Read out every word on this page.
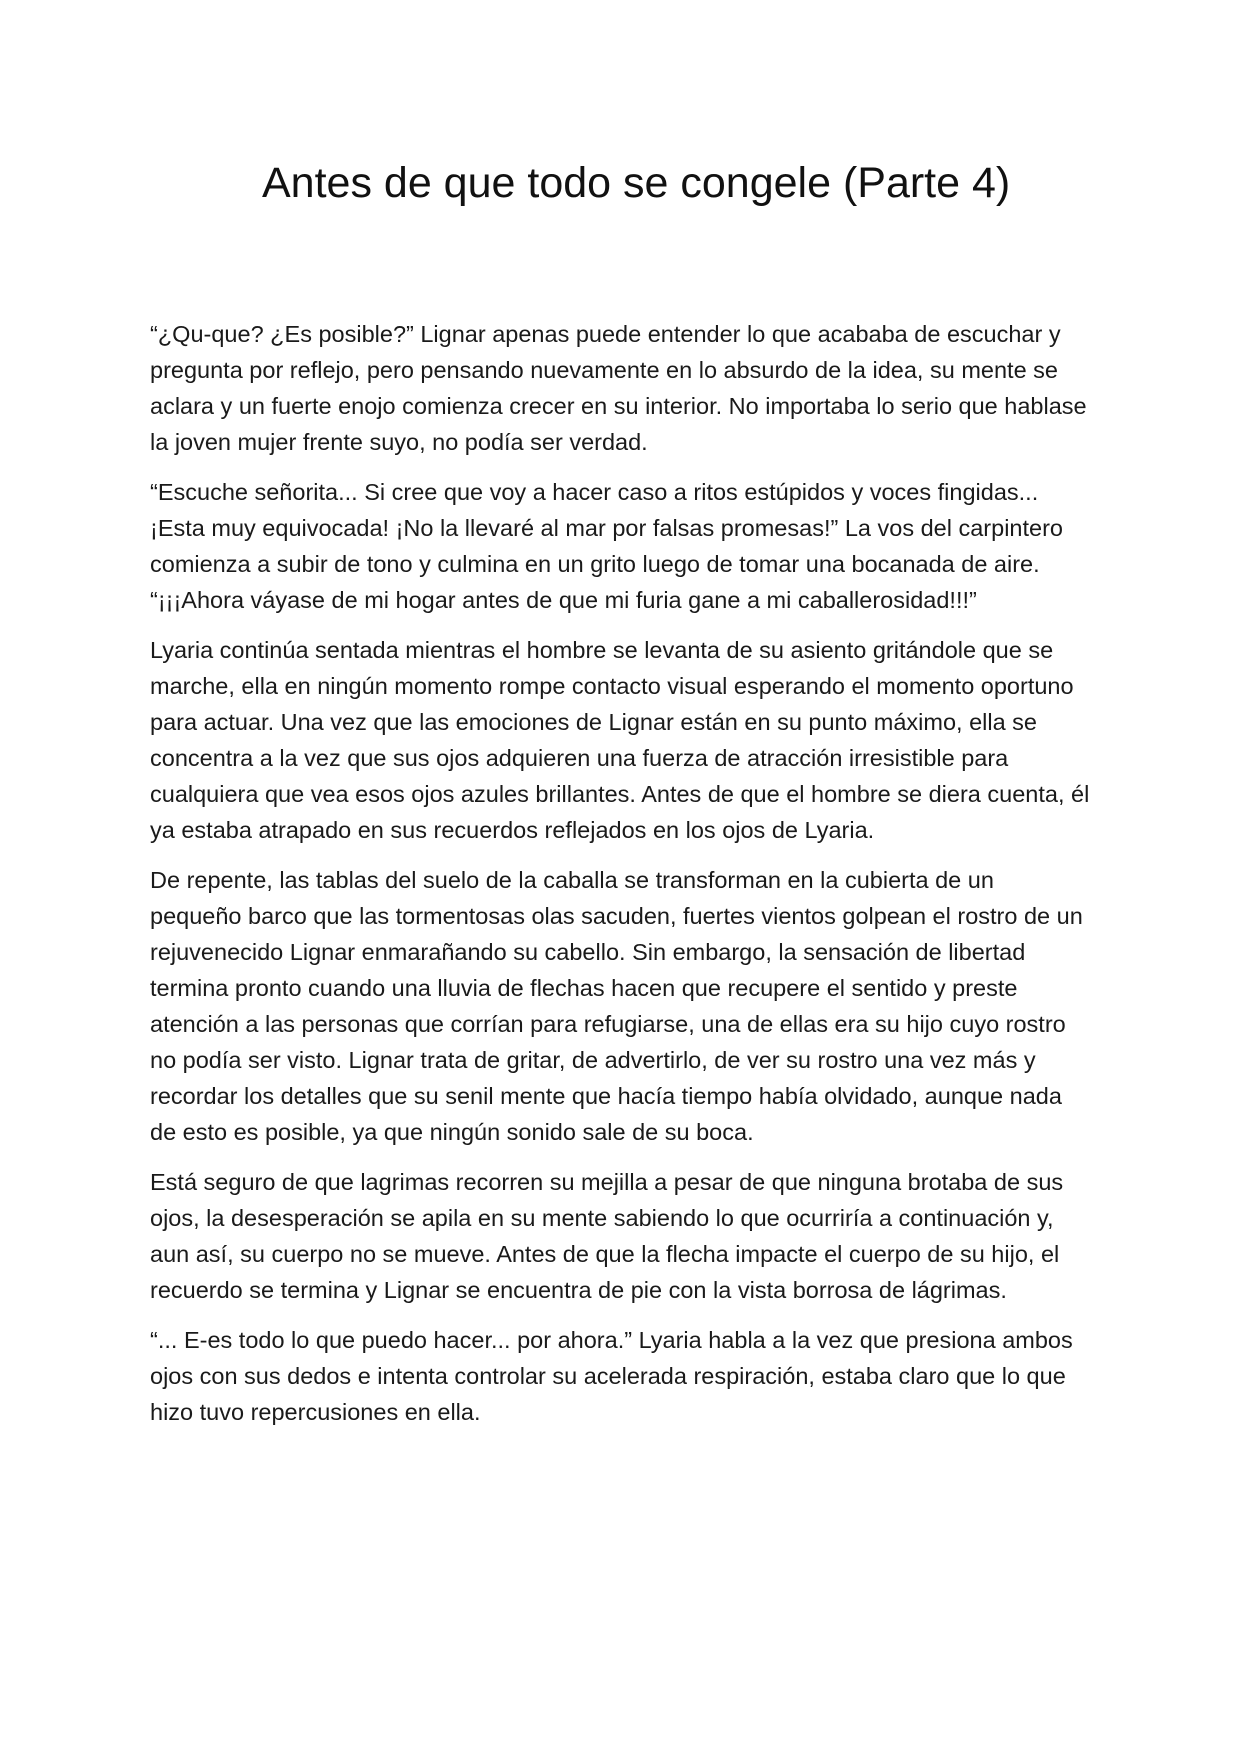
Antes de que todo se congele (Parte 4)

“¿Qu-que? ¿Es posible?” Lignar apenas puede entender lo que acababa de escuchar y pregunta por reflejo, pero pensando nuevamente en lo absurdo de la idea, su mente se aclara y un fuerte enojo comienza crecer en su interior. No importaba lo serio que hablase la joven mujer frente suyo, no podía ser verdad.

“Escuche señorita... Si cree que voy a hacer caso a ritos estúpidos y voces fingidas... ¡Esta muy equivocada! ¡No la llevaré al mar por falsas promesas!” La vos del carpintero comienza a subir de tono y culmina en un grito luego de tomar una bocanada de aire. “¡¡¡Ahora váyase de mi hogar antes de que mi furia gane a mi caballerosidad!!!”

Lyaria continúa sentada mientras el hombre se levanta de su asiento gritándole que se marche, ella en ningún momento rompe contacto visual esperando el momento oportuno para actuar. Una vez que las emociones de Lignar están en su punto máximo, ella se concentra a la vez que sus ojos adquieren una fuerza de atracción irresistible para cualquiera que vea esos ojos azules brillantes. Antes de que el hombre se diera cuenta, él ya estaba atrapado en sus recuerdos reflejados en los ojos de Lyaria.

De repente, las tablas del suelo de la caballa se transforman en la cubierta de un pequeño barco que las tormentosas olas sacuden, fuertes vientos golpean el rostro de un rejuvenecido Lignar enmarañando su cabello. Sin embargo, la sensación de libertad termina pronto cuando una lluvia de flechas hacen que recupere el sentido y preste atención a las personas que corrían para refugiarse, una de ellas era su hijo cuyo rostro no podía ser visto. Lignar trata de gritar, de advertirlo, de ver su rostro una vez más y recordar los detalles que su senil mente que hacía tiempo había olvidado, aunque nada de esto es posible, ya que ningún sonido sale de su boca.

Está seguro de que lagrimas recorren su mejilla a pesar de que ninguna brotaba de sus ojos, la desesperación se apila en su mente sabiendo lo que ocurriría a continuación y, aun así, su cuerpo no se mueve. Antes de que la flecha impacte el cuerpo de su hijo, el recuerdo se termina y Lignar se encuentra de pie con la vista borrosa de lágrimas.

“... E-es todo lo que puedo hacer... por ahora.” Lyaria habla a la vez que presiona ambos ojos con sus dedos e intenta controlar su acelerada respiración, estaba claro que lo que hizo tuvo repercusiones en ella.
